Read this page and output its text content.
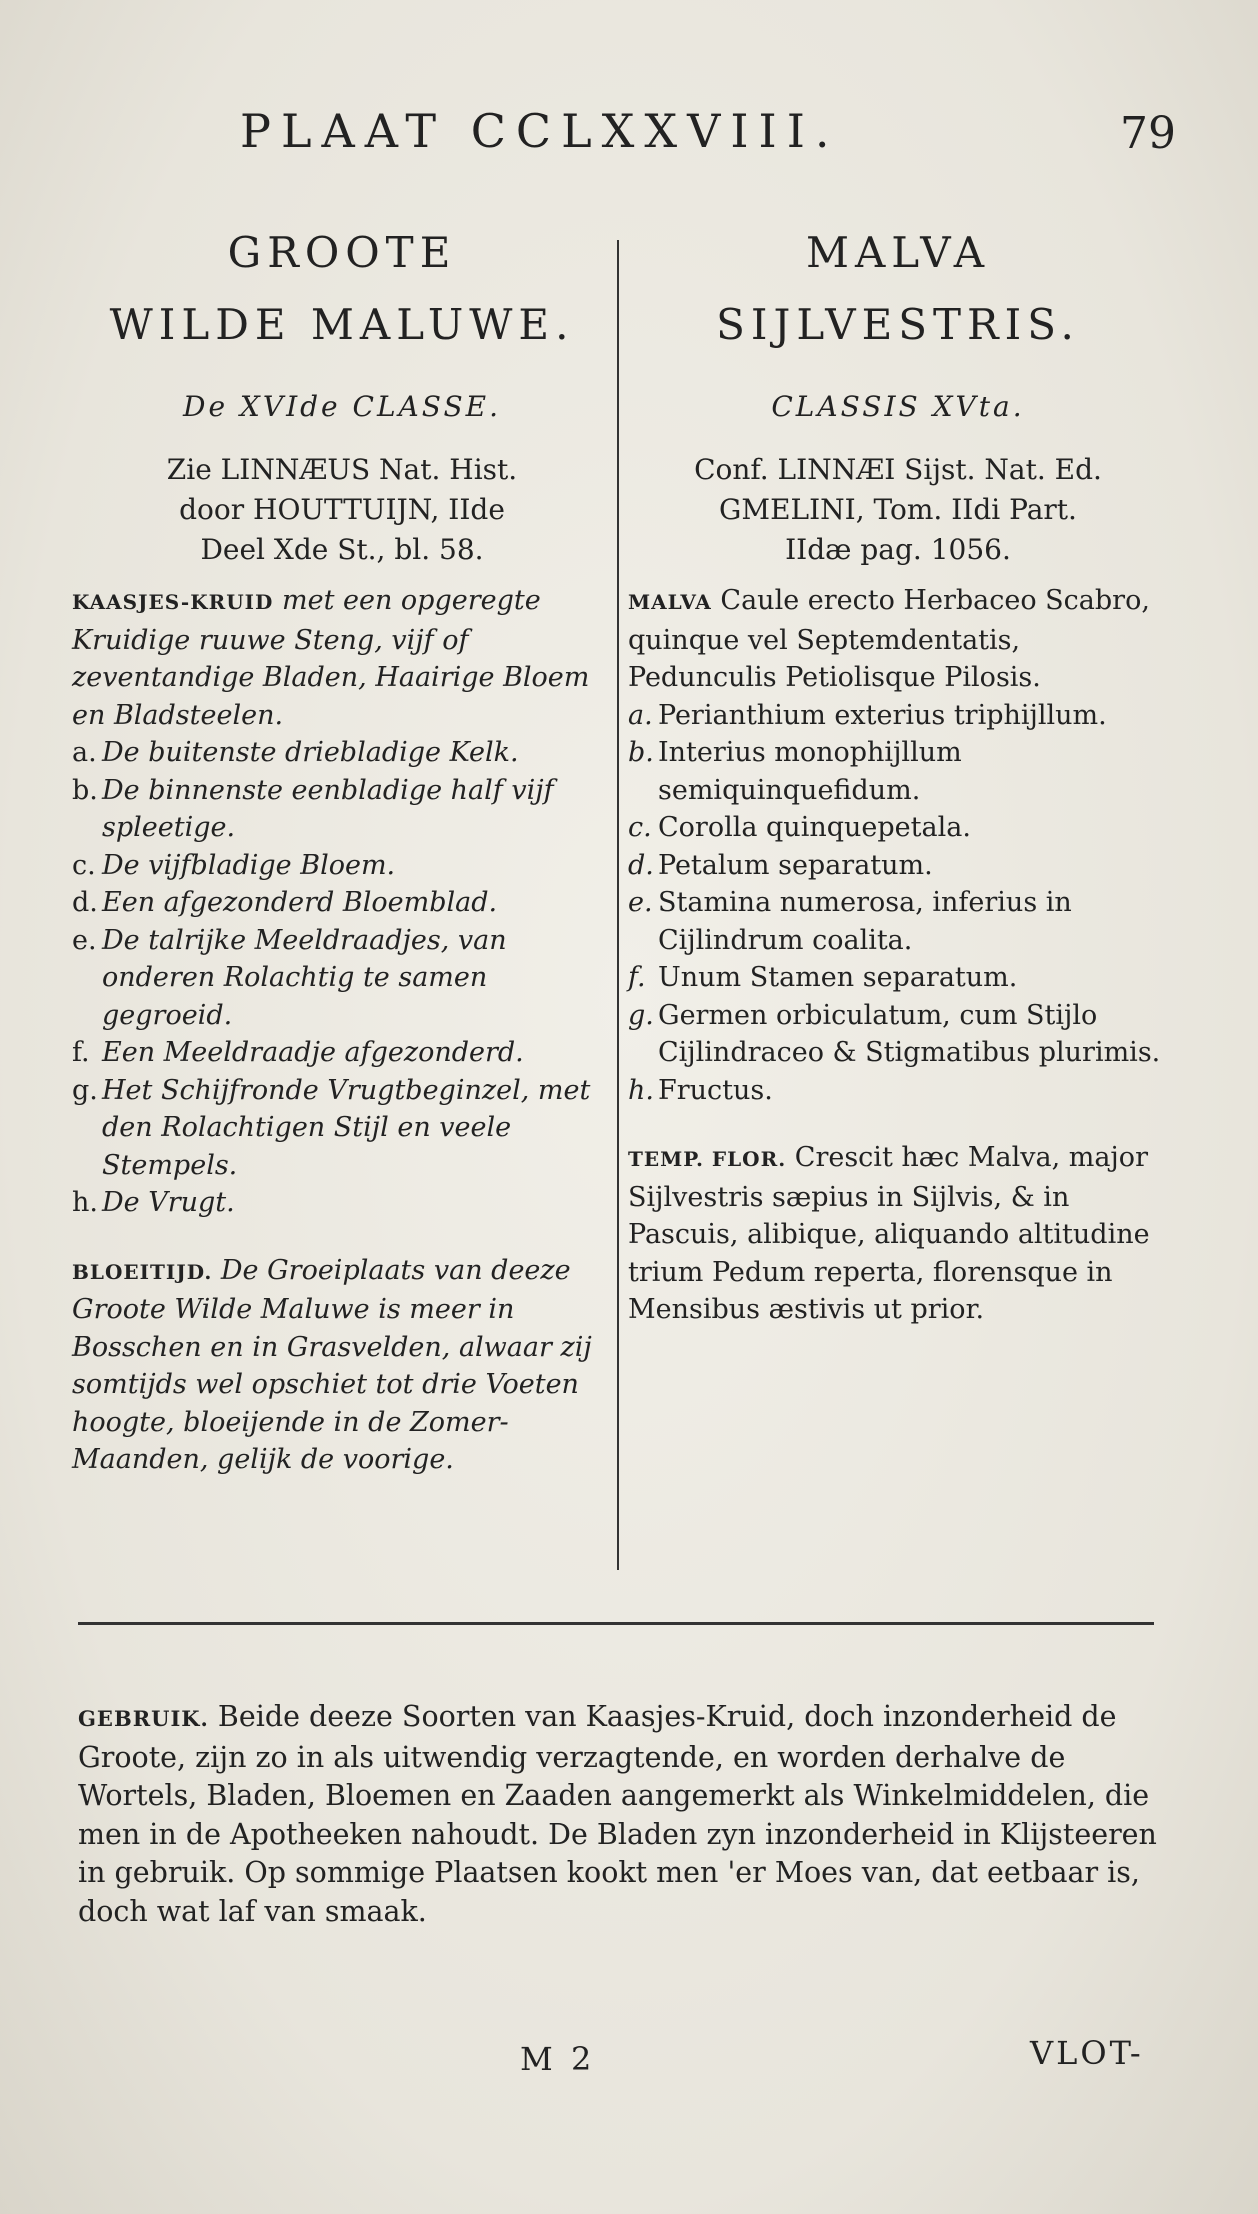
PLAAT CCLXXVIII.	79
GROOTE
WILDE MALUWE.
De XVIde CLASSE.
Zie LINNÆUS Nat. Hist.
door HOUTTUIJN, IIde
Deel Xde St., bl. 58.
KAASJES-KRUID met een opgeregte Kruidige ruuwe Steng, vijf of zeventandige Bladen, Haairige Bloem en Bladsteelen.
a. De buitenste driebladige Kelk.
b. De binnenste eenbladige half vijf spleetige.
c. De vijfbladige Bloem.
d. Een afgezonderd Bloemblad.
e. De talrijke Meeldraadjes, van onderen Rolachtig te samen gegroeid.
f. Een Meeldraadje afgezonderd.
g. Het Schijfronde Vrugtbeginzel, met den Rolachtigen Stijl en veele Stempels.
h. De Vrugt.
BLOEITIJD. De Groeiplaats van deeze Groote Wilde Maluwe is meer in Bosschen en in Grasvelden, alwaar zij somtijds wel opschiet tot drie Voeten hoogte, bloeijende in de Zomer-Maanden, gelijk de voorige.
MALVA
SIJLVESTRIS.
CLASSIS XVta.
Conf. LINNÆI Sijst. Nat. Ed.
GMELINI, Tom. IIdi Part.
IIdæ pag. 1056.
MALVA Caule erecto Herbaceo Scabro, quinque vel Septemdentatis, Pedunculis Petiolisque Pilosis.
a. Perianthium exterius triphijllum.
b. Interius monophijllum semiquinquefidum.
c. Corolla quinquepetala.
d. Petalum separatum.
e. Stamina numerosa, inferius in Cijlindrum coalita.
f. Unum Stamen separatum.
g. Germen orbiculatum, cum Stijlo Cijlindraceo & Stigmatibus plurimis.
h. Fructus.
TEMP. FLOR. Crescit hæc Malva, major Sijlvestris sæpius in Sijlvis, & in Pascuis, alibique, aliquando altitudine trium Pedum reperta, florensque in Mensibus æstivis ut prior.
GEBRUIK. Beide deeze Soorten van Kaasjes-Kruid, doch inzonderheid de Groote, zijn zo in als uitwendig verzagtende, en worden derhalve de Wortels, Bladen, Bloemen en Zaaden aangemerkt als Winkelmiddelen, die men in de Apotheeken nahoudt. De Bladen zyn inzonderheid in Klijsteeren in gebruik. Op sommige Plaatsen kookt men 'er Moes van, dat eetbaar is, doch wat laf van smaak.
M 2	VLOT-
